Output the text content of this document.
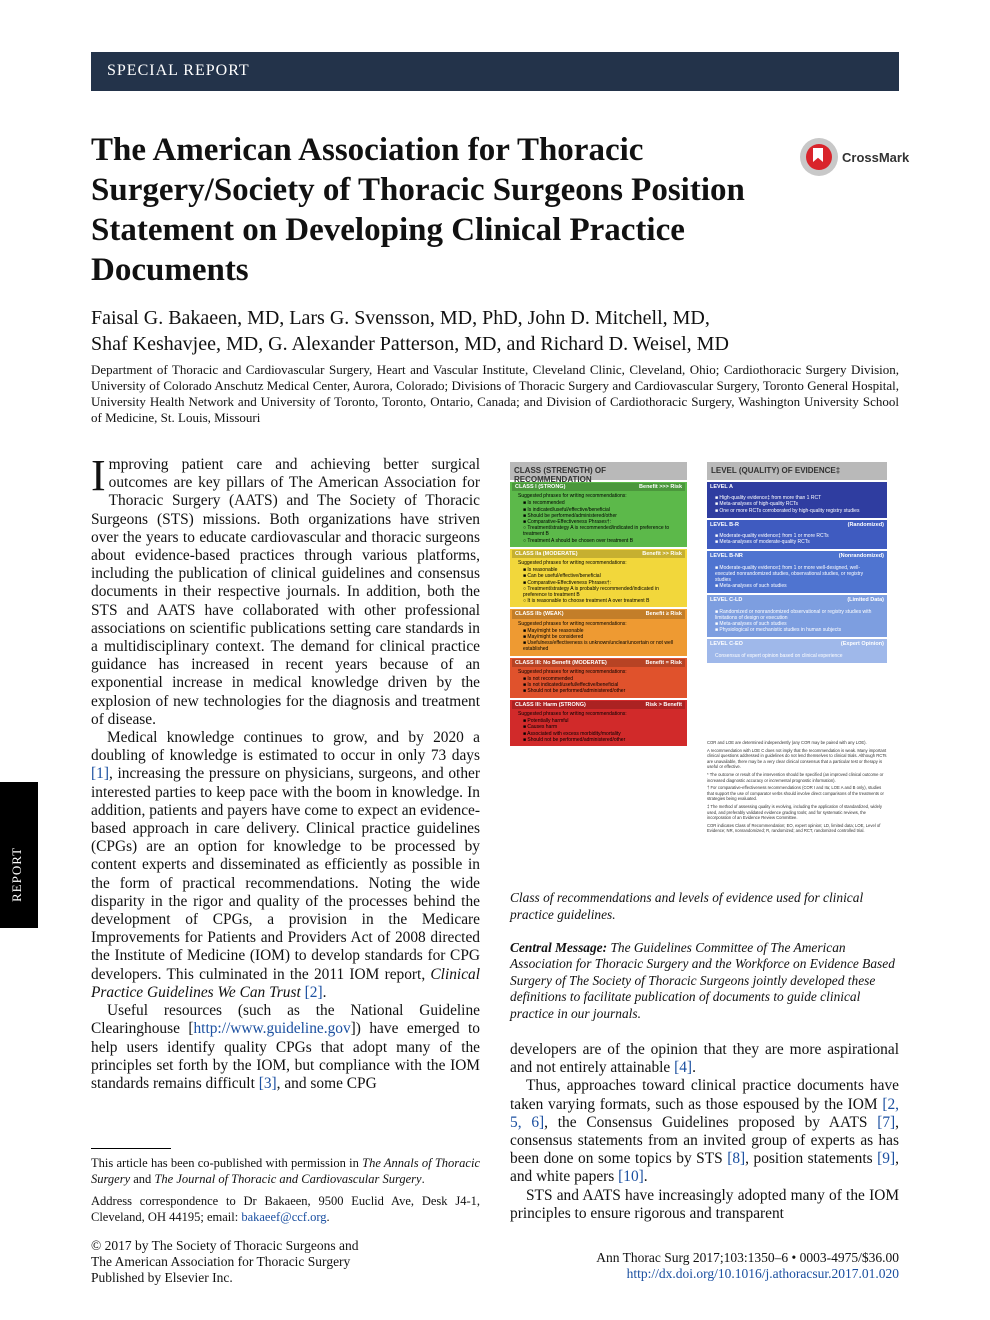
SPECIAL REPORT
The American Association for Thoracic Surgery/Society of Thoracic Surgeons Position Statement on Developing Clinical Practice Documents
CrossMark
Faisal G. Bakaeen, MD, Lars G. Svensson, MD, PhD, John D. Mitchell, MD,
Shaf Keshavjee, MD, G. Alexander Patterson, MD, and Richard D. Weisel, MD
Department of Thoracic and Cardiovascular Surgery, Heart and Vascular Institute, Cleveland Clinic, Cleveland, Ohio; Cardiothoracic Surgery Division, University of Colorado Anschutz Medical Center, Aurora, Colorado; Divisions of Thoracic Surgery and Cardiovascular Surgery, Toronto General Hospital, University Health Network and University of Toronto, Toronto, Ontario, Canada; and Division of Cardiothoracic Surgery, Washington University School of Medicine, St. Louis, Missouri
REPORT

Improving patient care and achieving better surgical outcomes are key pillars of The American Association for Thoracic Surgery (AATS) and The Society of Thoracic Surgeons (STS) missions. Both organizations have striven over the years to educate cardiovascular and thoracic surgeons about evidence-based practices through various platforms, including the publication of clinical guidelines and consensus documents in their respective journals. In addition, both the STS and AATS have collaborated with other professional associations on scientific publications setting care standards in a multidisciplinary context. The demand for clinical practice guidance has increased in recent years because of an exponential increase in medical knowledge driven by the explosion of new technologies for the diagnosis and treatment of disease.

Medical knowledge continues to grow, and by 2020 a doubling of knowledge is estimated to occur in only 73 days [1], increasing the pressure on physicians, surgeons, and other interested parties to keep pace with the boom in knowledge. In addition, patients and payers have come to expect an evidence-based approach in care delivery. Clinical practice guidelines (CPGs) are an option for knowledge to be processed by content experts and disseminated as efficiently as possible in the form of practical recommendations. Noting the wide disparity in the rigor and quality of the processes behind the development of CPGs, a provision in the Medicare Improvements for Patients and Providers Act of 2008 directed the Institute of Medicine (IOM) to develop standards for CPG developers. This culminated in the 2011 IOM report, Clinical Practice Guidelines We Can Trust [2].

Useful resources (such as the National Guideline Clearinghouse [http://www.guideline.gov]) have emerged to help users identify quality CPGs that adopt many of the principles set forth by the IOM, but compliance with the IOM standards remains difficult [3], and some CPG

This article has been co-published with permission in The Annals of Thoracic Surgery and The Journal of Thoracic and Cardiovascular Surgery.

Address correspondence to Dr Bakaeen, 9500 Euclid Ave, Desk J4-1, Cleveland, OH 44195; email: bakaeef@ccf.org.

© 2017 by The Society of Thoracic Surgeons and
The American Association for Thoracic Surgery
Published by Elsevier Inc.
Ann Thorac Surg 2017;103:1350–6 • 0003-4975/$36.00
http://dx.doi.org/10.1016/j.athoracsur.2017.01.020
CLASS (STRENGTH) OF RECOMMENDATION
CLASS I (STRONG)	Benefit >>> Risk
Suggested phrases for writing recommendations:
■ Is recommended
■ Is indicated/useful/effective/beneficial
■ Should be performed/administered/other
■ Comparative-Effectiveness Phrases†:
○ Treatment/strategy A is recommended/indicated in preference to treatment B
○ Treatment A should be chosen over treatment B
CLASS IIa (MODERATE)	Benefit >> Risk
Suggested phrases for writing recommendations:
■ Is reasonable
■ Can be useful/effective/beneficial
■ Comparative-Effectiveness Phrases†:
○ Treatment/strategy A is probably recommended/indicated in preference to treatment B
○ It is reasonable to choose treatment A over treatment B
CLASS IIb (WEAK)	Benefit ≥ Risk
Suggested phrases for writing recommendations:
■ May/might be reasonable
■ May/might be considered
■ Usefulness/effectiveness is unknown/unclear/uncertain or not well established
CLASS III: No Benefit (MODERATE)	Benefit = Risk
Suggested phrases for writing recommendations:
■ Is not recommended
■ Is not indicated/useful/effective/beneficial
■ Should not be performed/administered/other
CLASS III: Harm (STRONG)	Risk > Benefit
Suggested phrases for writing recommendations:
■ Potentially harmful
■ Causes harm
■ Associated with excess morbidity/mortality
■ Should not be performed/administered/other
LEVEL (QUALITY) OF EVIDENCE‡
LEVEL A
■ High-quality evidence‡ from more than 1 RCT
■ Meta-analyses of high-quality RCTs
■ One or more RCTs corroborated by high-quality registry studies
LEVEL B-R	(Randomized)
■ Moderate-quality evidence‡ from 1 or more RCTs
■ Meta-analyses of moderate-quality RCTs
LEVEL B-NR	(Nonrandomized)
■ Moderate-quality evidence‡ from 1 or more well-designed, well-executed nonrandomized studies, observational studies, or registry studies
■ Meta-analyses of such studies
LEVEL C-LD	(Limited Data)
■ Randomized or nonrandomized observational or registry studies with limitations of design or execution
■ Meta-analyses of such studies
■ Physiological or mechanistic studies in human subjects
LEVEL C-EO	(Expert Opinion)
Consensus of expert opinion based on clinical experience

COR and LOE are determined independently (any COR may be paired with any LOE).

A recommendation with LOE C does not imply that the recommendation is weak. Many important clinical questions addressed in guidelines do not lend themselves to clinical trials. Although RCTs are unavailable, there may be a very clear clinical consensus that a particular test or therapy is useful or effective.

* The outcome or result of the intervention should be specified (an improved clinical outcome or increased diagnostic accuracy or incremental prognostic information).

† For comparative-effectiveness recommendations (COR I and IIa; LOE A and B only), studies that support the use of comparator verbs should involve direct comparisons of the treatments or strategies being evaluated.

‡ The method of assessing quality is evolving, including the application of standardized, widely used, and preferably validated evidence grading tools; and for systematic reviews, the incorporation of an Evidence Review Committee.

COR indicates Class of Recommendation; EO, expert opinion; LD, limited data; LOE, Level of Evidence; NR, nonrandomized; R, randomized; and RCT, randomized controlled trial.

Class of recommendations and levels of evidence used for clinical practice guidelines.
Central Message: The Guidelines Committee of The American Association for Thoracic Surgery and the Workforce on Evidence Based Surgery of The Society of Thoracic Surgeons jointly developed these definitions to facilitate publication of documents to guide clinical practice in our journals.

developers are of the opinion that they are more aspirational and not entirely attainable [4].

Thus, approaches toward clinical practice documents have taken varying formats, such as those espoused by the IOM [2, 5, 6], the Consensus Guidelines proposed by AATS [7], consensus statements from an invited group of experts as has been done on some topics by STS [8], position statements [9], and white papers [10].

STS and AATS have increasingly adopted many of the IOM principles to ensure rigorous and transparent
